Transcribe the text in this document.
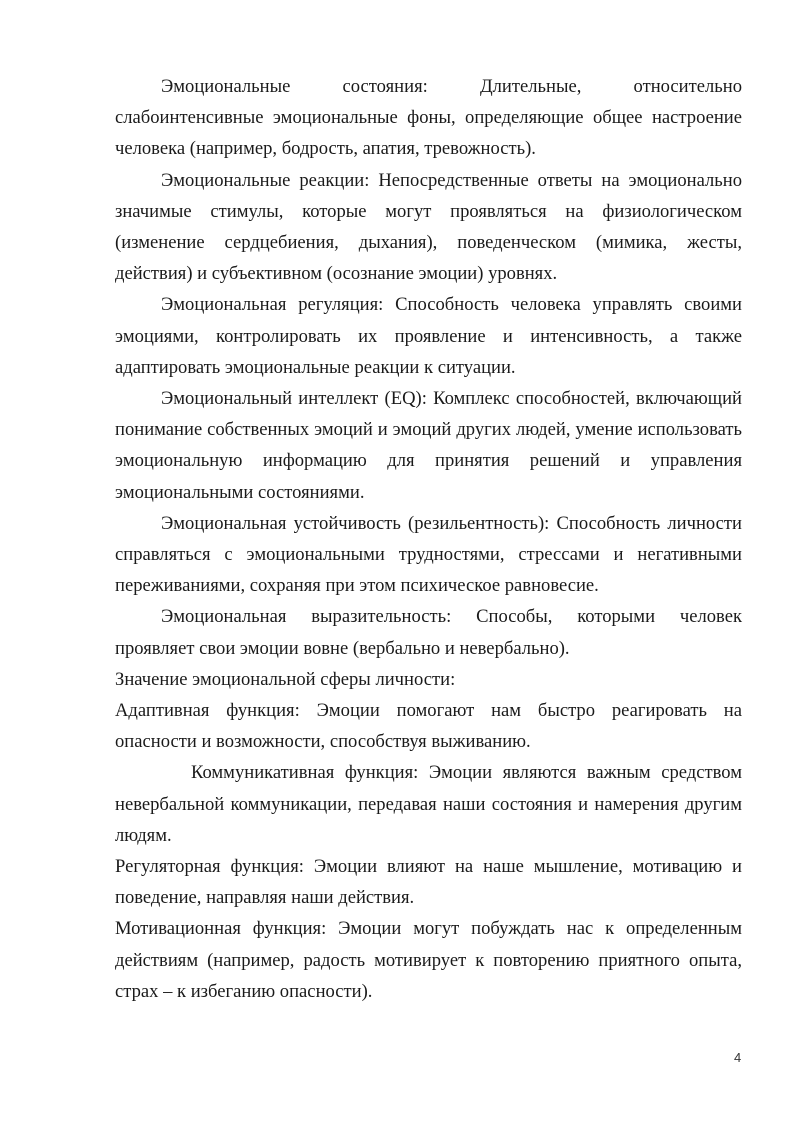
Эмоциональные состояния: Длительные, относительно слабоинтенсивные эмоциональные фоны, определяющие общее настроение человека (например, бодрость, апатия, тревожность).

Эмоциональные реакции: Непосредственные ответы на эмоционально значимые стимулы, которые могут проявляться на физиологическом (изменение сердцебиения, дыхания), поведенческом (мимика, жесты, действия) и субъективном (осознание эмоции) уровнях.

Эмоциональная регуляция: Способность человека управлять своими эмоциями, контролировать их проявление и интенсивность, а также адаптировать эмоциональные реакции к ситуации.

Эмоциональный интеллект (EQ): Комплекс способностей, включающий понимание собственных эмоций и эмоций других людей, умение использовать эмоциональную информацию для принятия решений и управления эмоциональными состояниями.

Эмоциональная устойчивость (резильентность): Способность личности справляться с эмоциональными трудностями, стрессами и негативными переживаниями, сохраняя при этом психическое равновесие.

Эмоциональная выразительность: Способы, которыми человек проявляет свои эмоции вовне (вербально и невербально).

Значение эмоциональной сферы личности:

Адаптивная функция: Эмоции помогают нам быстро реагировать на опасности и возможности, способствуя выживанию.

Коммуникативная функция: Эмоции являются важным средством невербальной коммуникации, передавая наши состояния и намерения другим людям.

Регуляторная функция: Эмоции влияют на наше мышление, мотивацию и поведение, направляя наши действия.

Мотивационная функция: Эмоции могут побуждать нас к определенным действиям (например, радость мотивирует к повторению приятного опыта, страх – к избеганию опасности).

4
